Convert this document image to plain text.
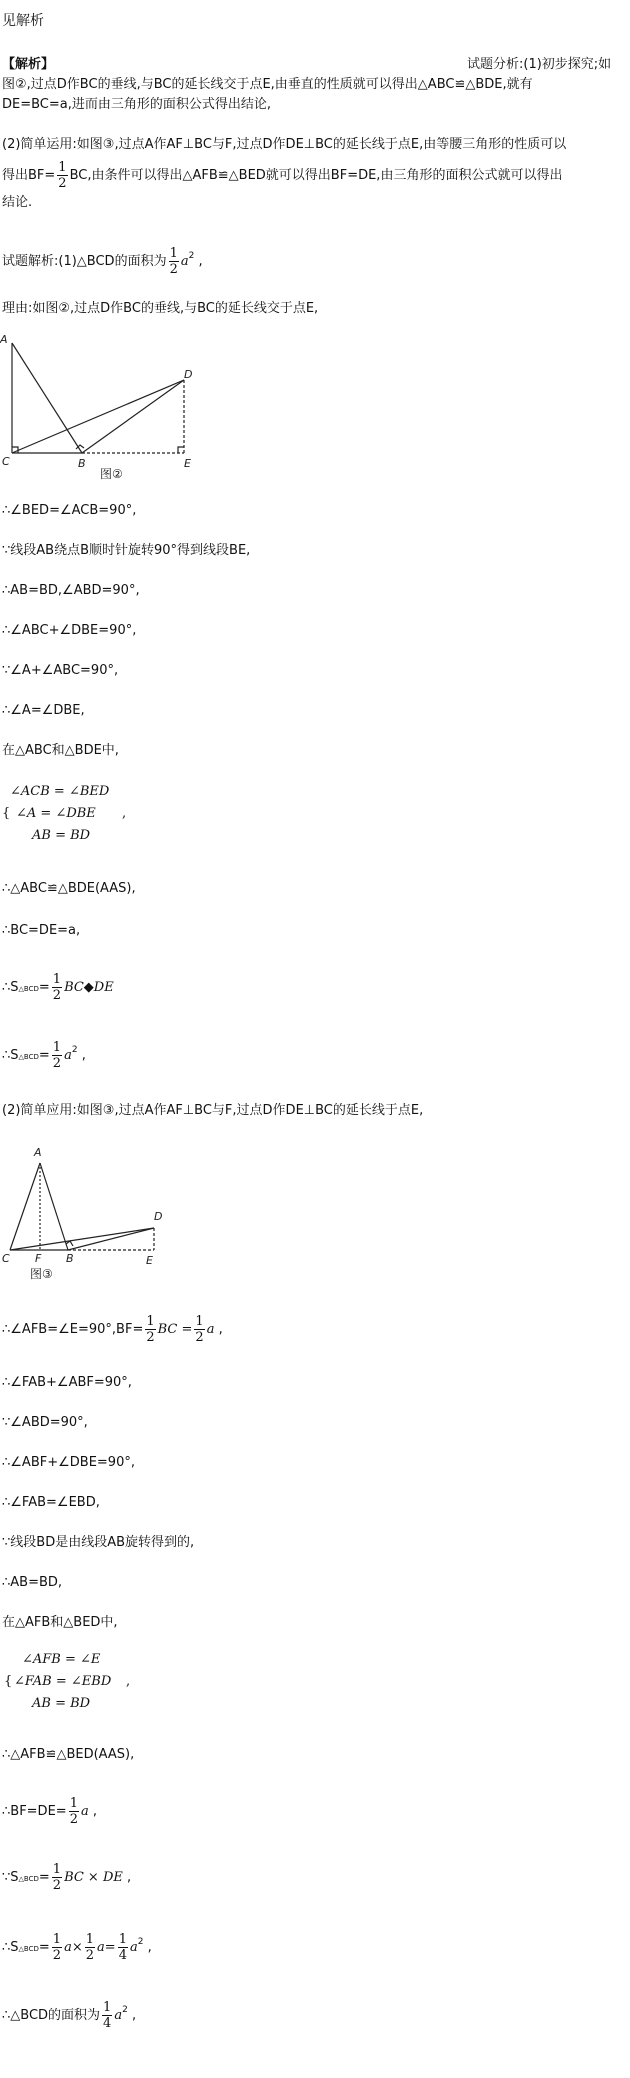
见解析
【解析】	试题分析:(1)初步探究;如
图②,过点D作BC的垂线,与BC的延长线交于点E,由垂直的性质就可以得出△ABC≌△BDE,就有
DE=BC=a,进而由三角形的面积公式得出结论,
(2)简单运用:如图③,过点A作AF⊥BC与F,过点D作DE⊥BC的延长线于点E,由等腰三角形的性质可以
得出$BF= \frac{1}{2}$ BC,由条件可以得出△AFB≌△BED就可以得出BF=DE,由三角形的面积公式就可以得出
结论.
试题解析:(1)△BCD的面积为 $\frac{1}{2} a^2$ ,
理由:如图②,过点D作BC的垂线,与BC的延长线交于点E,
A
C	B
D
E
图②
∴∠BED=∠ACB=90°,
∵线段AB绕点B顺时针旋转90°得到线段BE,
∴AB=BD,∠ABD=90°,
∴∠ABC+∠DBE=90°,
∵∠A+∠ABC=90°,
∴∠A=∠DBE,
在△ABC和△BDE中,
∠ACB = ∠BED
{ ∠A = ∠DBE ,
AB = BD
∴△ABC≌△BDE(AAS),
∴BC=DE=a,
∴S△BCD= $\frac{1}{2}$ BC◆DE
∴S△BCD= $\frac{1}{2} a^2$ ,
(2)简单应用:如图③,过点A作AF⊥BC与F,过点D作DE⊥BC的延长线于点E,
A
C F B
D
E
图③
∴∠AFB=∠E=90°,BF= $\frac{1}{2}$ BC = $\frac{1}{2}$ a ,
∴∠FAB+∠ABF=90°,
∵∠ABD=90°,
∴∠ABF+∠DBE=90°,
∴∠FAB=∠EBD,
∵线段BD是由线段AB旋转得到的,
∴AB=BD,
在△AFB和△BED中,
∠AFB = ∠E
{ ∠FAB = ∠EBD ,
AB = BD
∴△AFB≌△BED(AAS),
∴BF=DE= $\frac{1}{2}$ a ,
∵S△BCD= $\frac{1}{2}$ BC × DE ,
∴S△BCD= $\frac{1}{2} a\times \frac{1}{2} a= \frac{1}{4} a^2$ ,
∴△BCD的面积为 $\frac{1}{4} a^2$ ,
